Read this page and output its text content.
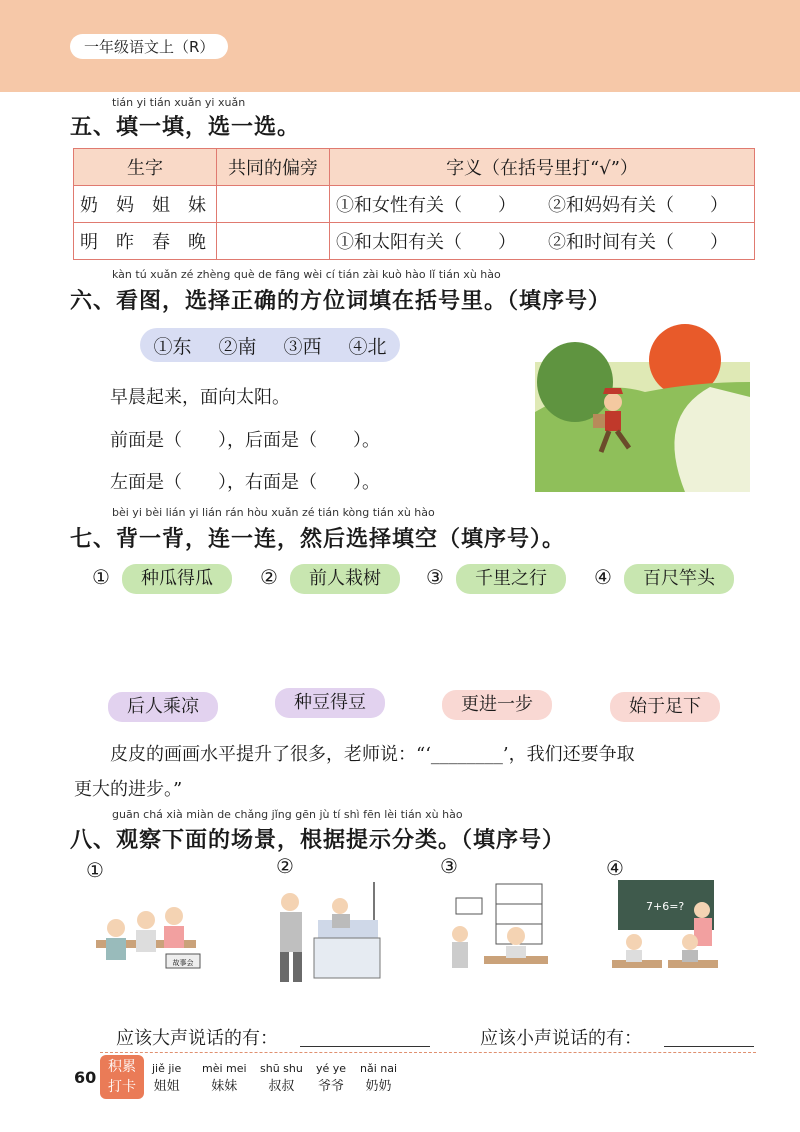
一年级语文上（R）
tián yi tián xuǎn yi xuǎn
五、填一填，选一选。
生字	共同的偏旁	字义（在括号里打“√”）	
奶　妈　姐　妹		①和女性有关（　　）	②和妈妈有关（　　）
明　昨　春　晚		①和太阳有关（　　）	②和时间有关（　　）
kàn tú xuǎn zé zhèng què de fāng wèi cí tián zài kuò hào lǐ tián xù hào
六、看图，选择正确的方位词填在括号里。（填序号）
①东 ②南 ③西 ④北
早晨起来，面向太阳。
前面是（　　），后面是（　　）。
左面是（　　），右面是（　　）。
bèi yi bèi lián yi lián rán hòu xuǎn zé tián kòng tián xù hào
七、背一背，连一连，然后选择填空（填序号）。
①	种瓜得瓜	②	前人栽树	③	千里之行	④	百尺竿头
后人乘凉	种豆得豆	更进一步	始于足下
皮皮的画画水平提升了很多，老师说：“‘________’，我们还要争取
更大的进步。”
guān chá xià miàn de chǎng jǐng gēn jù tí shì fēn lèi tián xù hào
八、观察下面的场景，根据提示分类。（填序号）
①	②	③	④
故事会
7+6=?
应该大声说话的有：	应该小声说话的有：
60
积累
打卡
jiě jie
姐姐
mèi mei
妹妹
shū shu
叔叔
yé ye
爷爷
nǎi nai
奶奶
